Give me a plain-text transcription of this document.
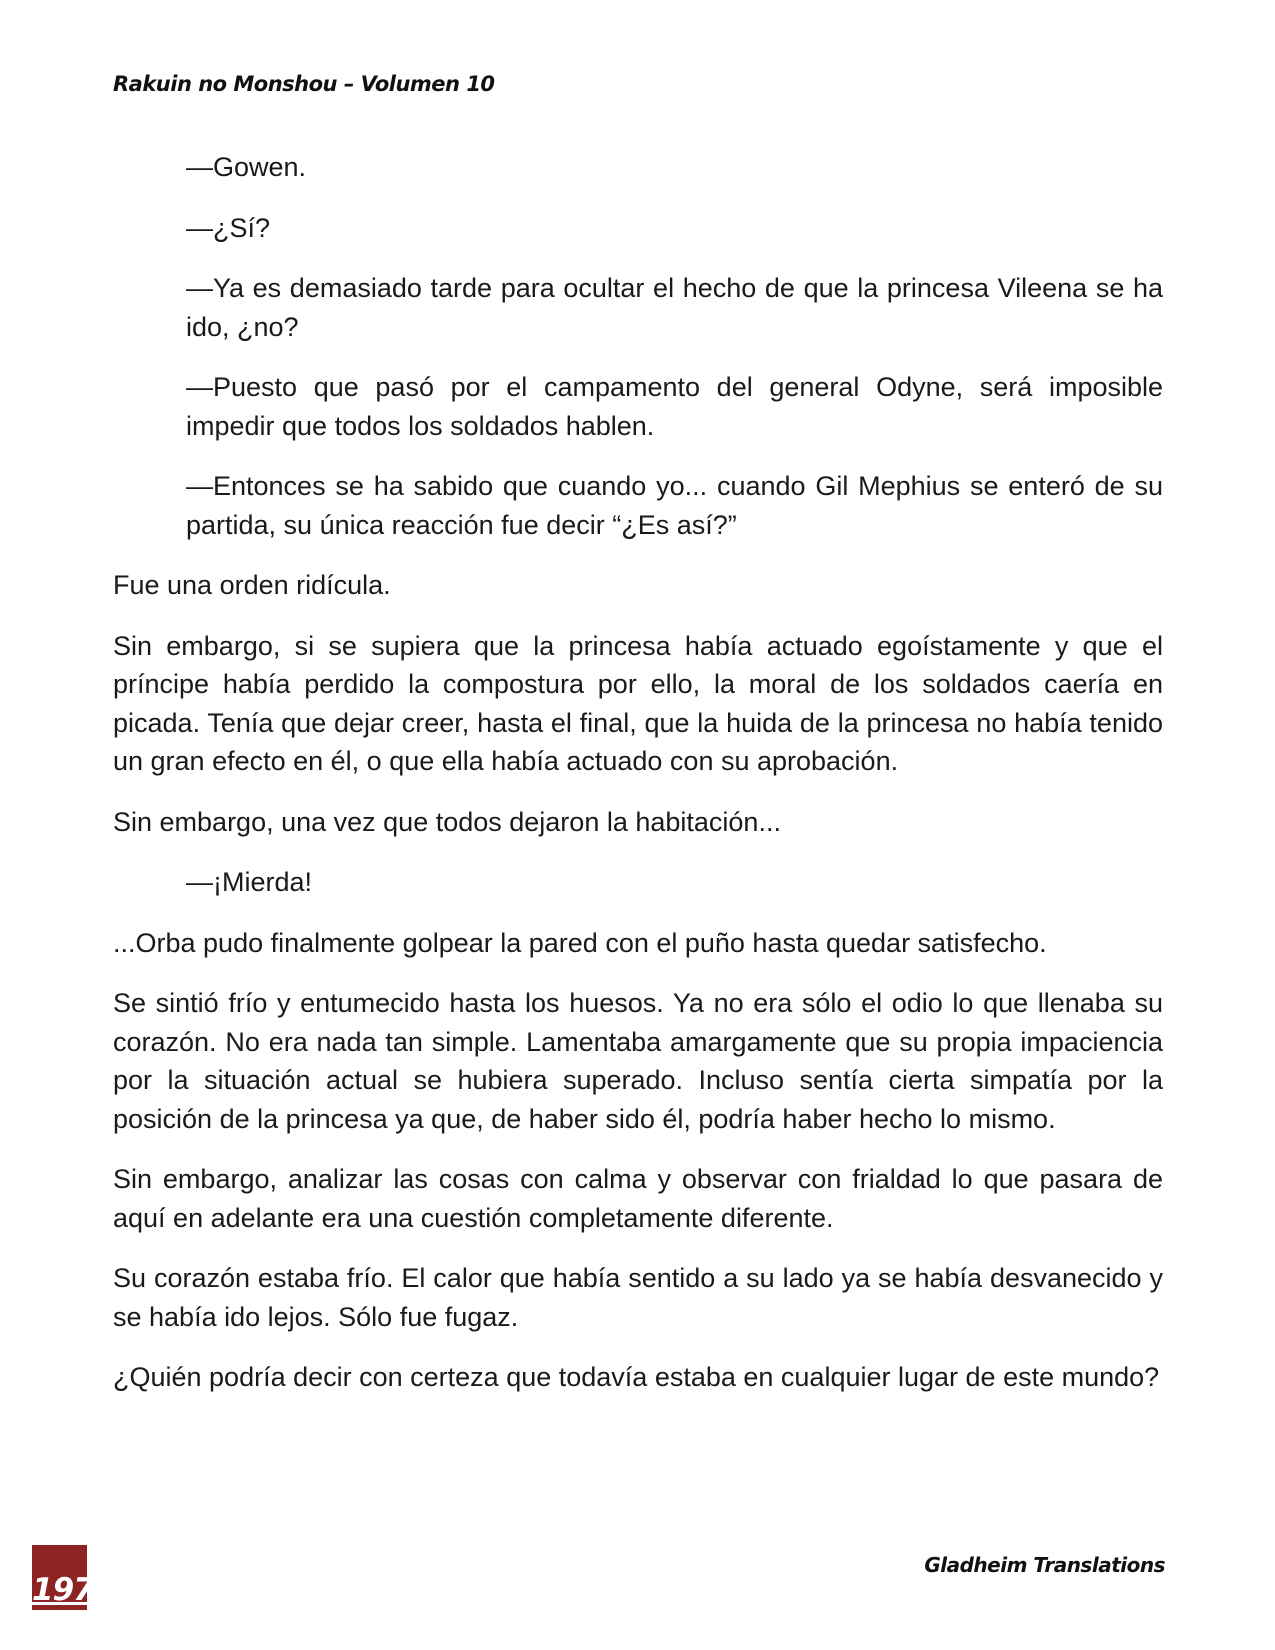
Rakuin no Monshou – Volumen 10

—Gowen.

—¿Sí?

—Ya es demasiado tarde para ocultar el hecho de que la princesa Vileena se ha ido, ¿no?

—Puesto que pasó por el campamento del general Odyne, será imposible impedir que todos los soldados hablen.

—Entonces se ha sabido que cuando yo... cuando Gil Mephius se enteró de su partida, su única reacción fue decir “¿Es así?”

Fue una orden ridícula.

Sin embargo, si se supiera que la princesa había actuado egoístamente y que el príncipe había perdido la compostura por ello, la moral de los soldados caería en picada. Tenía que dejar creer, hasta el final, que la huida de la princesa no había tenido un gran efecto en él, o que ella había actuado con su aprobación.

Sin embargo, una vez que todos dejaron la habitación...

—¡Mierda!

...Orba pudo finalmente golpear la pared con el puño hasta quedar satisfecho.

Se sintió frío y entumecido hasta los huesos. Ya no era sólo el odio lo que llenaba su corazón. No era nada tan simple. Lamentaba amargamente que su propia impaciencia por la situación actual se hubiera superado. Incluso sentía cierta simpatía por la posición de la princesa ya que, de haber sido él, podría haber hecho lo mismo.

Sin embargo, analizar las cosas con calma y observar con frialdad lo que pasara de aquí en adelante era una cuestión completamente diferente.

Su corazón estaba frío. El calor que había sentido a su lado ya se había desvanecido y se había ido lejos. Sólo fue fugaz.

¿Quién podría decir con certeza que todavía estaba en cualquier lugar de este mundo?

197
Gladheim Translations
